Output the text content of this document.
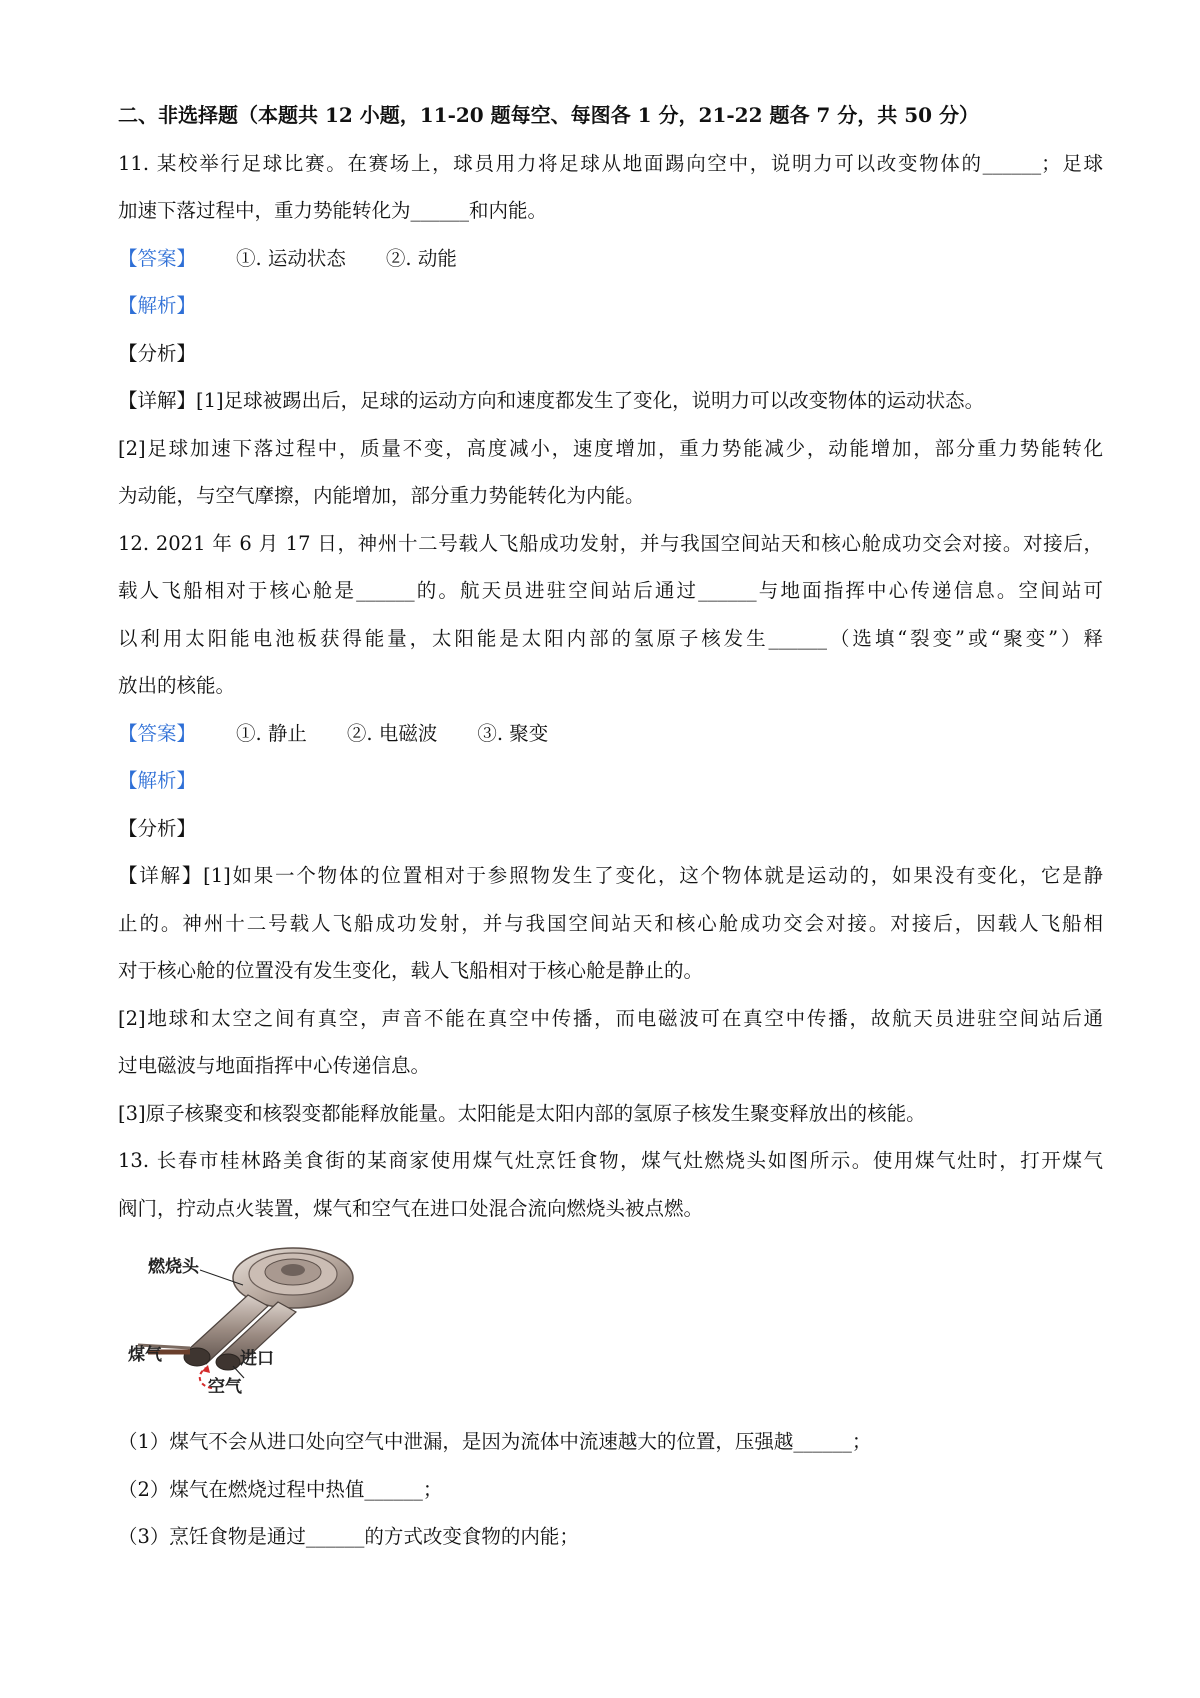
二、非选择题（本题共 12 小题，11-20 题每空、每图各 1 分，21-22 题各 7 分，共 50 分）
11. 某校举行足球比赛。在赛场上，球员用力将足球从地面踢向空中，说明力可以改变物体的______；足球
加速下落过程中，重力势能转化为______和内能。
【答案】 ①. 运动状态 ②. 动能
【解析】
【分析】
【详解】[1]足球被踢出后，足球的运动方向和速度都发生了变化，说明力可以改变物体的运动状态。
[2]足球加速下落过程中，质量不变，高度减小，速度增加，重力势能减少，动能增加，部分重力势能转化
为动能，与空气摩擦，内能增加，部分重力势能转化为内能。
12. 2021 年 6 月 17 日，神州十二号载人飞船成功发射，并与我国空间站天和核心舱成功交会对接。对接后，
载人飞船相对于核心舱是______的。航天员进驻空间站后通过______与地面指挥中心传递信息。空间站可
以利用太阳能电池板获得能量，太阳能是太阳内部的氢原子核发生______（选填“裂变”或“聚变”）释
放出的核能。
【答案】 ①. 静止 ②. 电磁波 ③. 聚变
【解析】
【分析】
【详解】[1]如果一个物体的位置相对于参照物发生了变化，这个物体就是运动的，如果没有变化，它是静
止的。神州十二号载人飞船成功发射，并与我国空间站天和核心舱成功交会对接。对接后，因载人飞船相
对于核心舱的位置没有发生变化，载人飞船相对于核心舱是静止的。
[2]地球和太空之间有真空，声音不能在真空中传播，而电磁波可在真空中传播，故航天员进驻空间站后通
过电磁波与地面指挥中心传递信息。
[3]原子核聚变和核裂变都能释放能量。太阳能是太阳内部的氢原子核发生聚变释放出的核能。
13. 长春市桂林路美食街的某商家使用煤气灶烹饪食物，煤气灶燃烧头如图所示。使用煤气灶时，打开煤气
阀门，拧动点火装置，煤气和空气在进口处混合流向燃烧头被点燃。
燃烧头
煤气	进口
空气
（1）煤气不会从进口处向空气中泄漏，是因为流体中流速越大的位置，压强越______；
（2）煤气在燃烧过程中热值______；
（3）烹饪食物是通过______的方式改变食物的内能；
